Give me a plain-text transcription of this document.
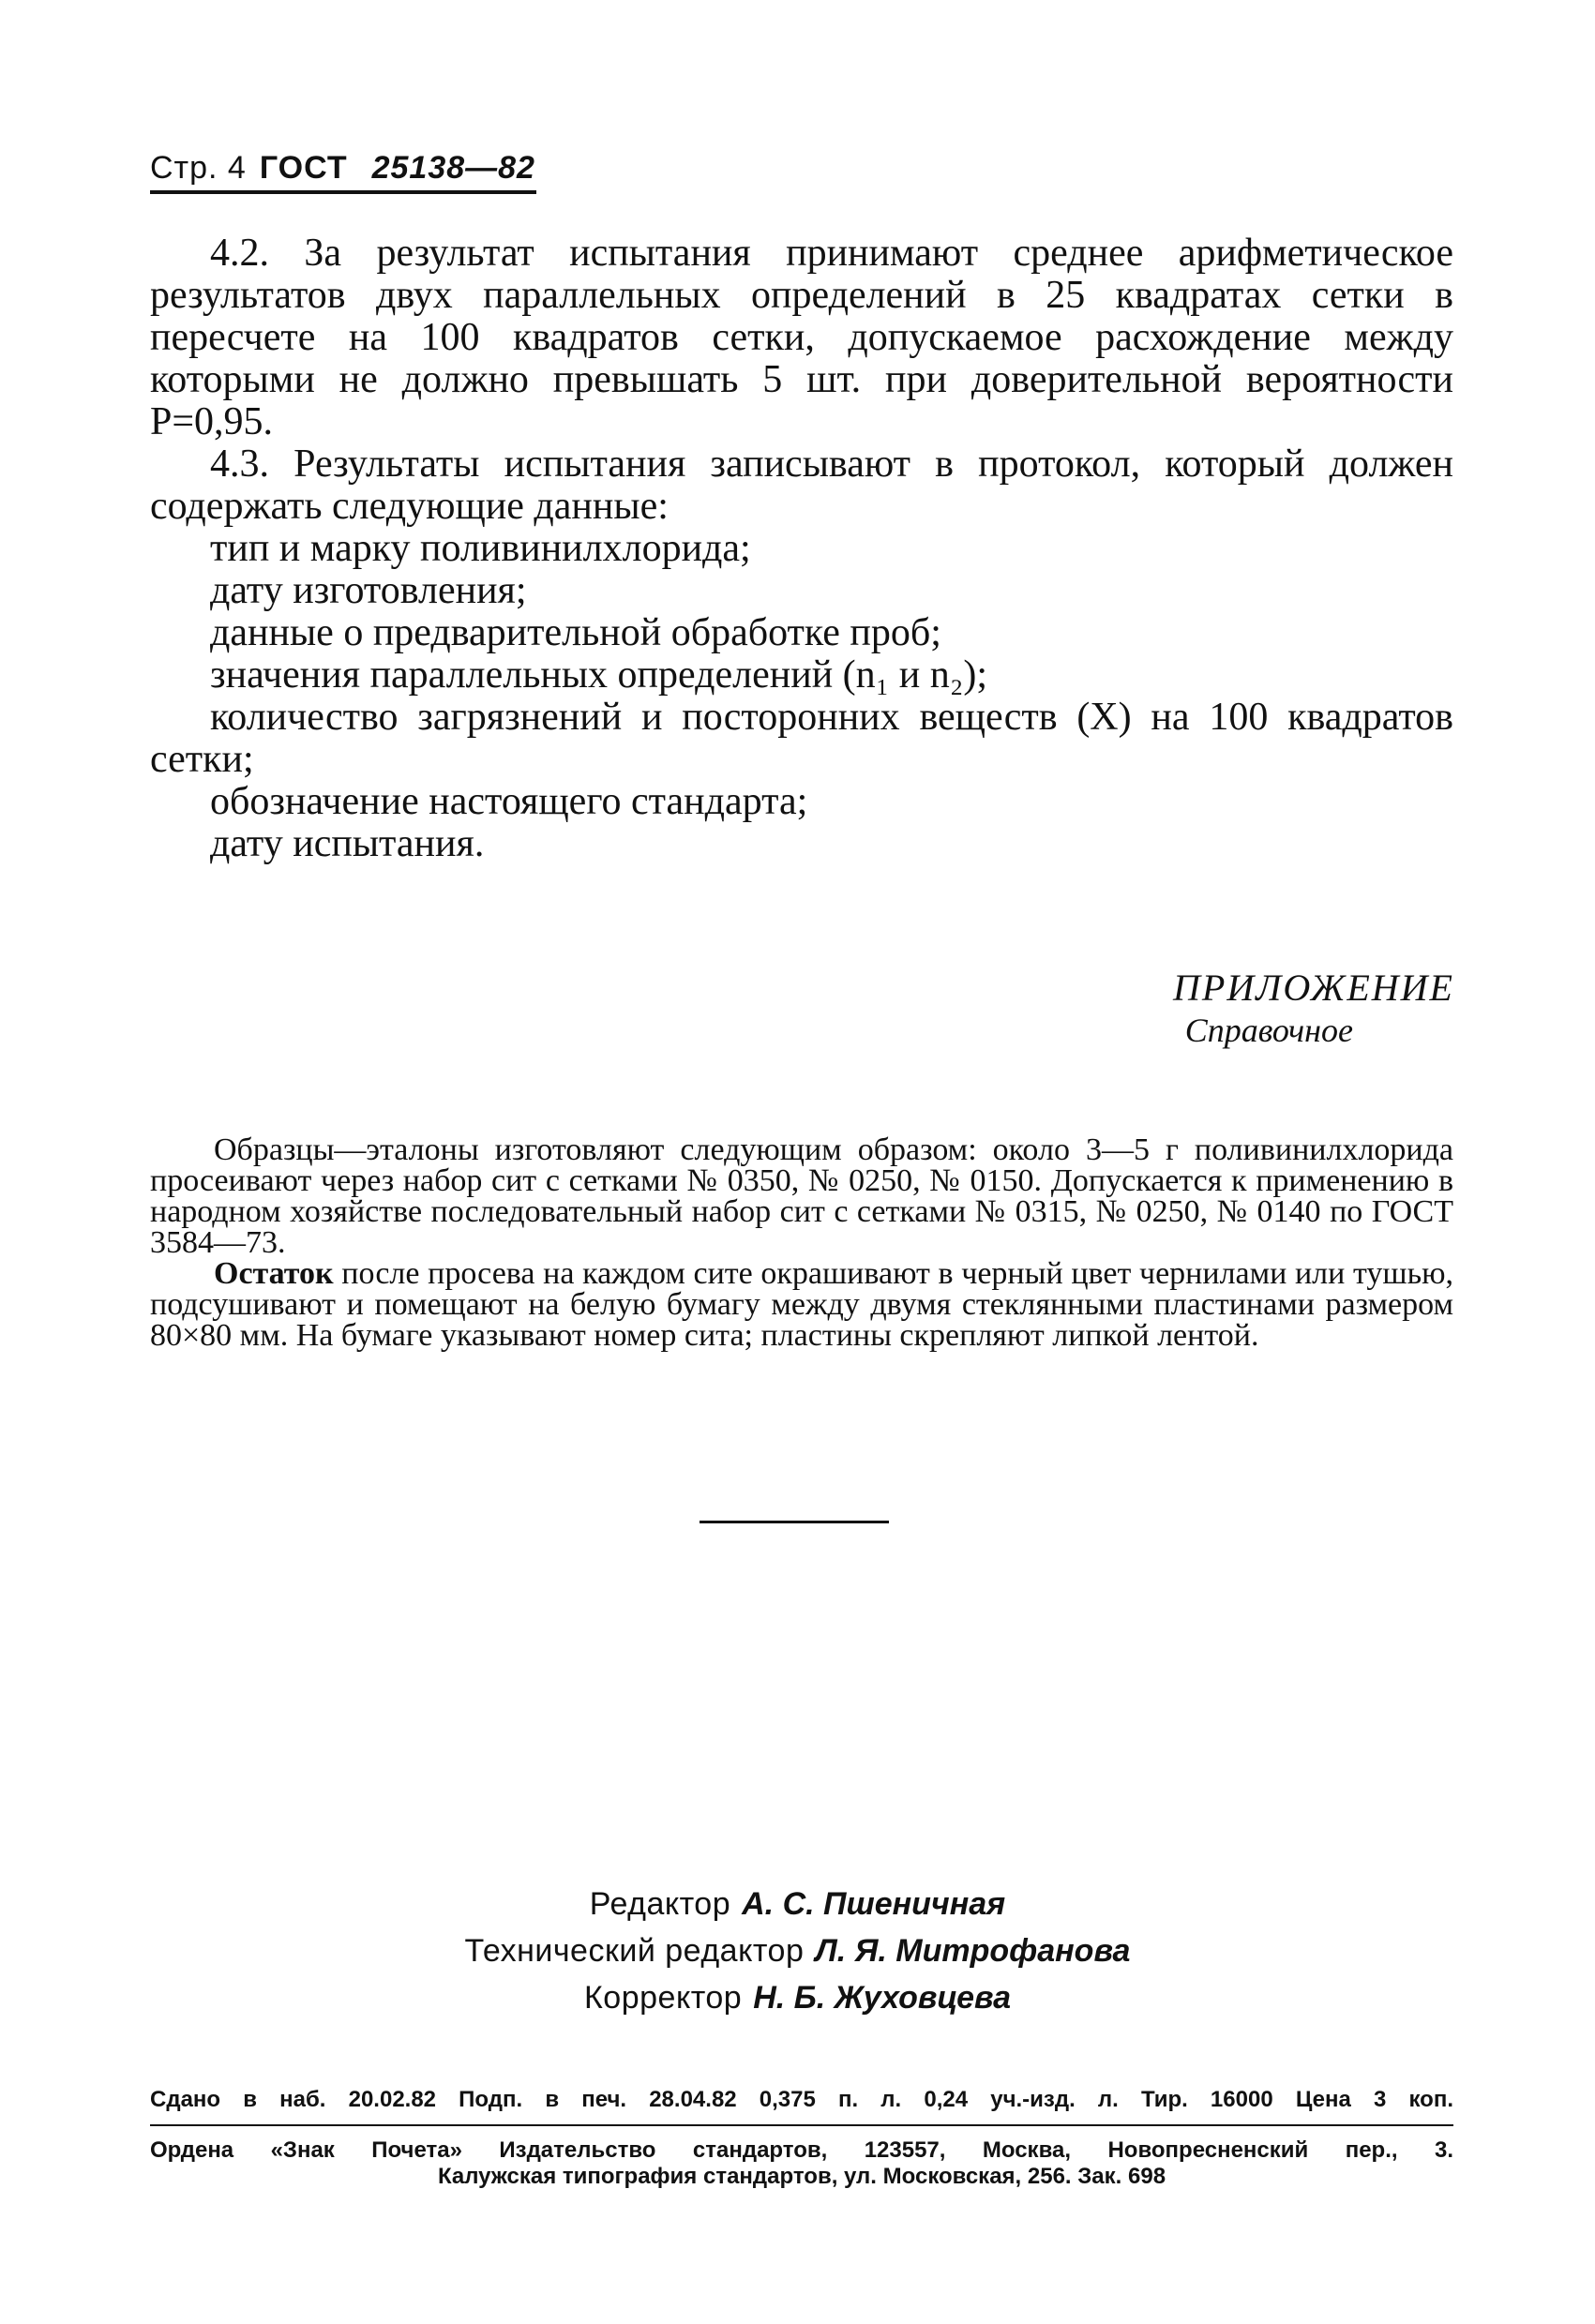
Стр. 4 ГОСТ 25138—82

4.2. За результат испытания принимают среднее арифметическое результатов двух параллельных определений в 25 квадратах сетки в пересчете на 100 квадратов сетки, допускаемое расхождение между которыми не должно превышать 5 шт. при доверительной вероятности P=0,95.

4.3. Результаты испытания записывают в протокол, который должен содержать следующие данные:

тип и марку поливинилхлорида;

дату изготовления;

данные о предварительной обработке проб;

значения параллельных определений (n₁ и n₂);

количество загрязнений и посторонних веществ (X) на 100 квадратов сетки;

обозначение настоящего стандарта;

дату испытания.

ПРИЛОЖЕНИЕ
Справочное

Образцы—эталоны изготовляют следующим образом: около 3—5 г поливинилхлорида просеивают через набор сит с сетками № 0350, № 0250, № 0150. Допускается к применению в народном хозяйстве последовательный набор сит с сетками № 0315, № 0250, № 0140 по ГОСТ 3584—73.

Остаток после просева на каждом сите окрашивают в черный цвет чернилами или тушью, подсушивают и помещают на белую бумагу между двумя стеклянными пластинами размером 80×80 мм. На бумаге указывают номер сита; пластины скрепляют липкой лентой.

Редактор А. С. Пшеничная
Технический редактор Л. Я. Митрофанова
Корректор Н. Б. Жуховцева
Сдано в наб. 20.02.82 Подп. в печ. 28.04.82 0,375 п. л. 0,24 уч.-изд. л. Тир. 16000 Цена 3 коп.
Ордена «Знак Почета» Издательство стандартов, 123557, Москва, Новопресненский пер., 3.
Калужская типография стандартов, ул. Московская, 256. Зак. 698
